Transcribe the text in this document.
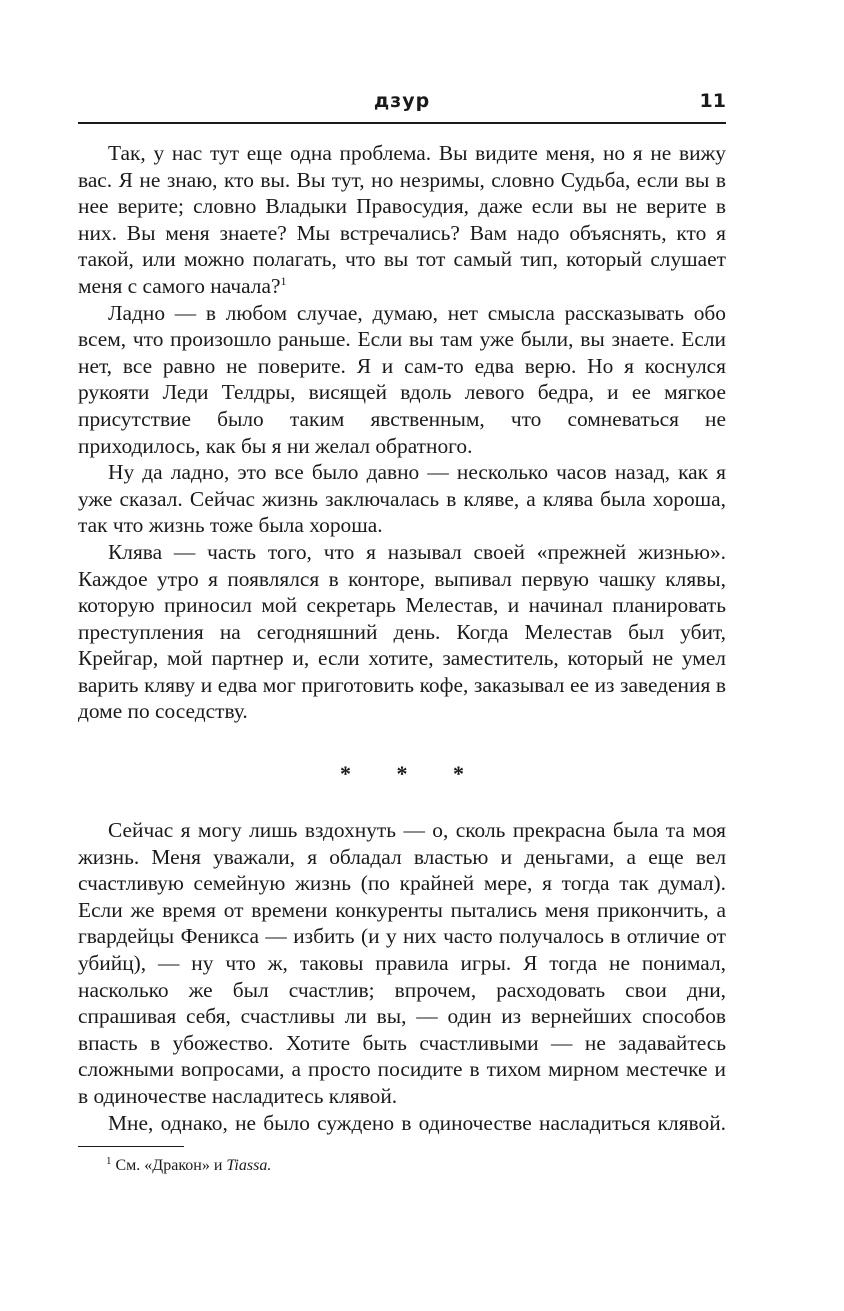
дзур	11

Так, у нас тут еще одна проблема. Вы видите меня, но я не вижу вас. Я не знаю, кто вы. Вы тут, но незримы, словно Судьба, если вы в нее верите; словно Владыки Правосудия, даже если вы не верите в них. Вы меня знаете? Мы встречались? Вам надо объяснять, кто я такой, или можно полагать, что вы тот самый тип, который слушает меня с самого начала?$^1$

Ладно — в любом случае, думаю, нет смысла рассказывать обо всем, что произошло раньше. Если вы там уже были, вы знаете. Если нет, все равно не поверите. Я и сам-то едва верю. Но я коснулся рукояти Леди Телдры, висящей вдоль левого бедра, и ее мягкое присутствие было таким явственным, что сомневаться не приходилось, как бы я ни желал обратного.

Ну да ладно, это все было давно — несколько часов назад, как я уже сказал. Сейчас жизнь заключалась в кляве, а клява была хороша, так что жизнь тоже была хороша.

Клява — часть того, что я называл своей «прежней жизнью». Каждое утро я появлялся в конторе, выпивал первую чашку клявы, которую приносил мой секретарь Мелестав, и начинал планировать преступления на сегодняшний день. Когда Мелестав был убит, Крейгар, мой партнер и, если хотите, заместитель, который не умел варить кляву и едва мог приготовить кофе, заказывал ее из заведения в доме по соседству.

* * *

Сейчас я могу лишь вздохнуть — о, сколь прекрасна была та моя жизнь. Меня уважали, я обладал властью и деньгами, а еще вел счастливую семейную жизнь (по крайней мере, я тогда так думал). Если же время от времени конкуренты пытались меня прикончить, а гвардейцы Феникса — избить (и у них часто получалось в отличие от убийц), — ну что ж, таковы правила игры. Я тогда не понимал, насколько же был счастлив; впрочем, расходовать свои дни, спрашивая себя, счастливы ли вы, — один из вернейших способов впасть в убожество. Хотите быть счастливыми — не задавайтесь сложными вопросами, а просто посидите в тихом мирном местечке и в одиночестве насладитесь клявой.

Мне, однако, не было суждено в одиночестве насладиться клявой.

$^1$ См. «Дракон» и Tiassa.
